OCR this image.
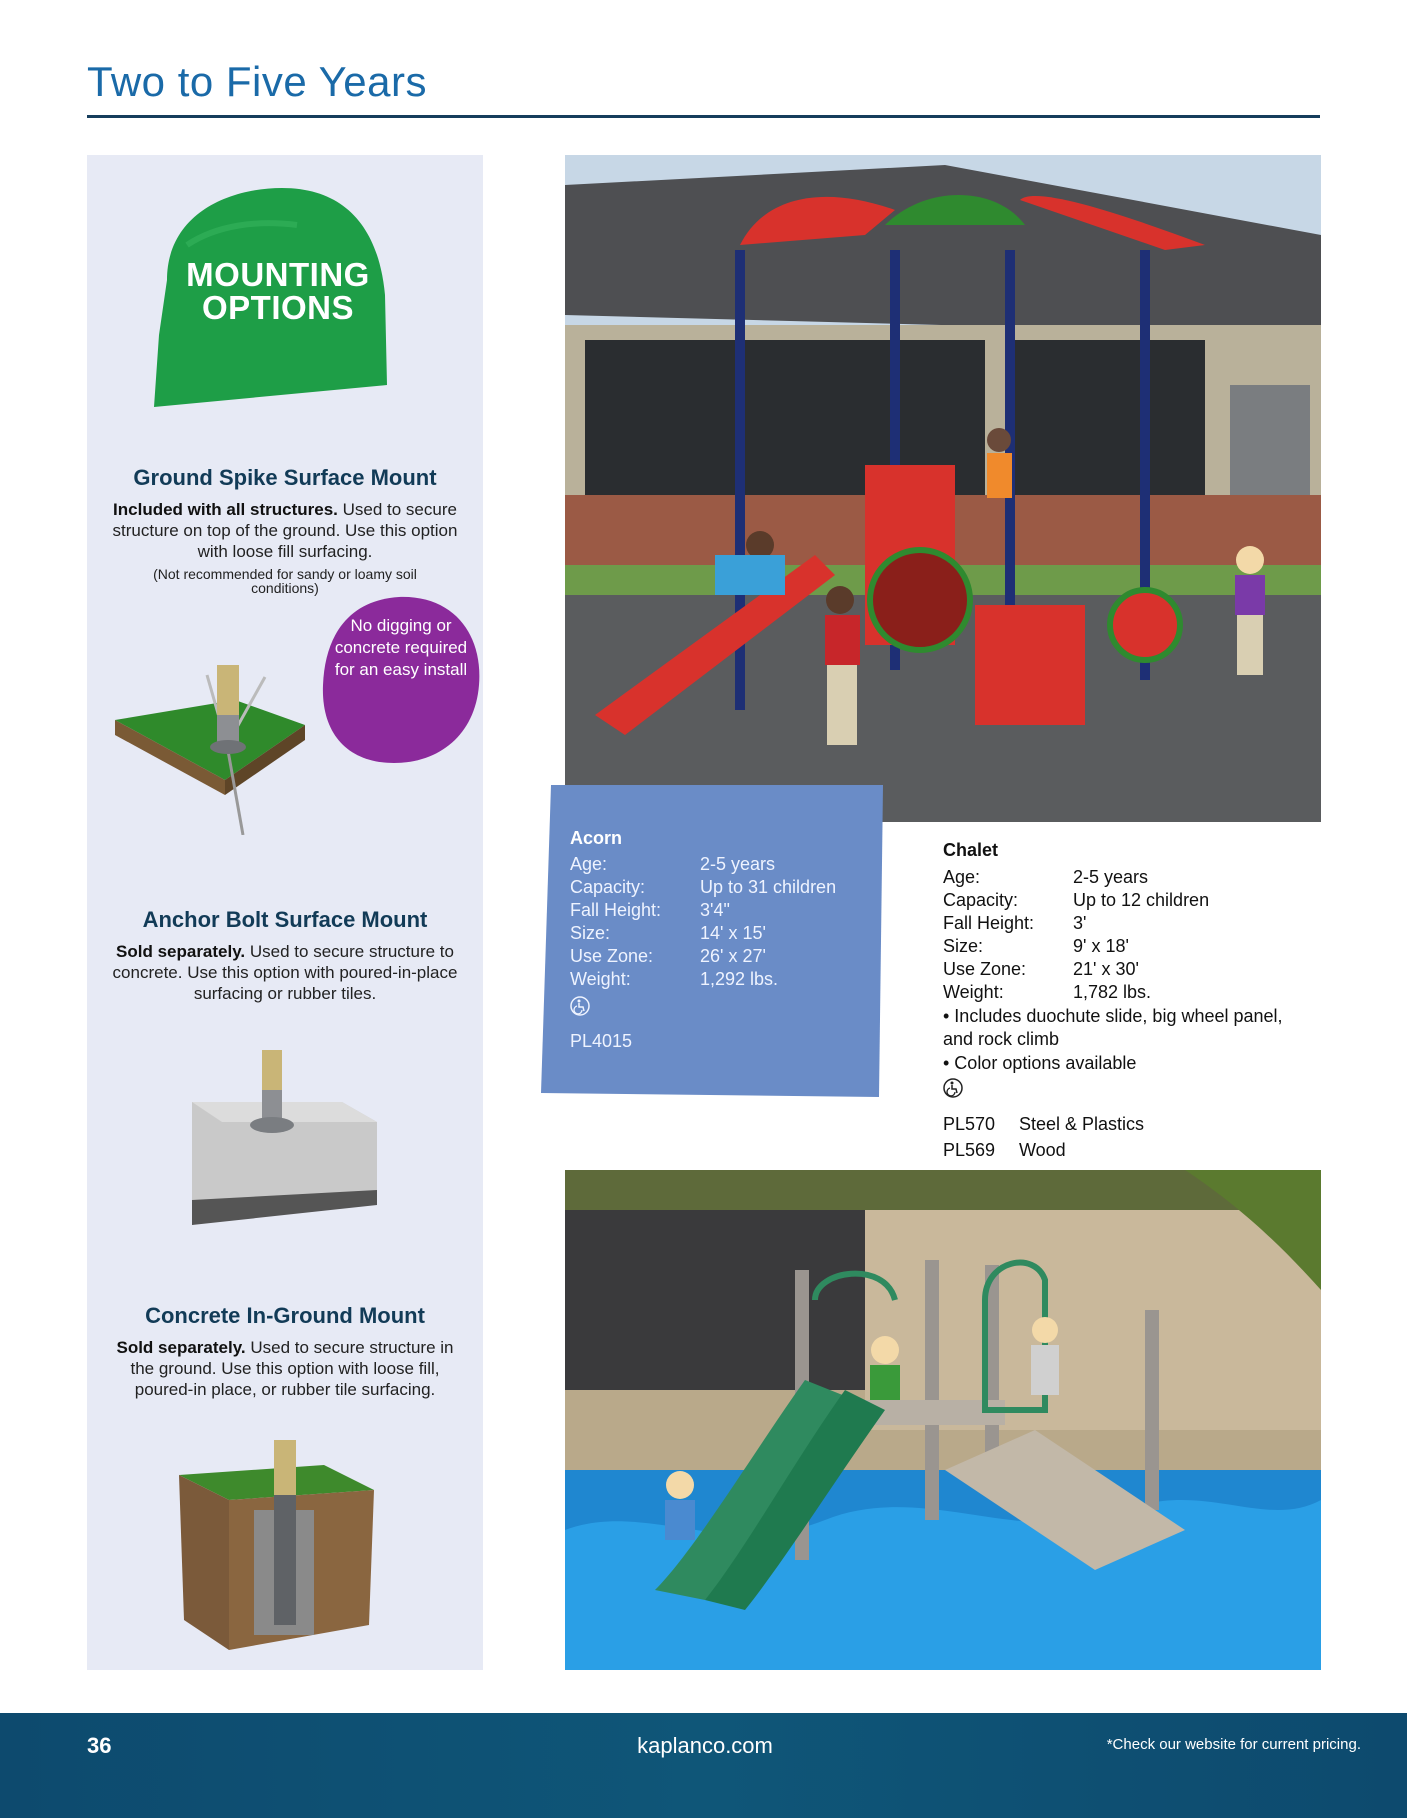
Two to Five Years
MOUNTING
OPTIONS
Ground Spike Surface Mount
Included with all structures. Used to secure structure on top of the ground. Use this option with loose fill surfacing.
(Not recommended for sandy or loamy soil conditions)
No digging or concrete required for an easy install
Anchor Bolt Surface Mount
Sold separately. Used to secure structure to concrete. Use this option with poured-in-place surfacing or rubber tiles.
Concrete In-Ground Mount
Sold separately. Used to secure structure in the ground. Use this option with loose fill, poured-in place, or rubber tile surfacing.
Acorn
Age:
Capacity:
Fall Height:
Size:
Use Zone:
Weight:
2-5 years
Up to 31 children
3'4"
14' x 15'
26' x 27'
1,292 lbs.
PL4015
Chalet
Age:
Capacity:
Fall Height:
Size:
Use Zone:
Weight:
2-5 years
Up to 12 children
3'
9' x 18'
21' x 30'
1,782 lbs.
• Includes duochute slide, big wheel panel, and rock climb
• Color options available
PL570 Steel & Plastics
PL569 Wood
36	kaplanco.com	*Check our website for current pricing.
